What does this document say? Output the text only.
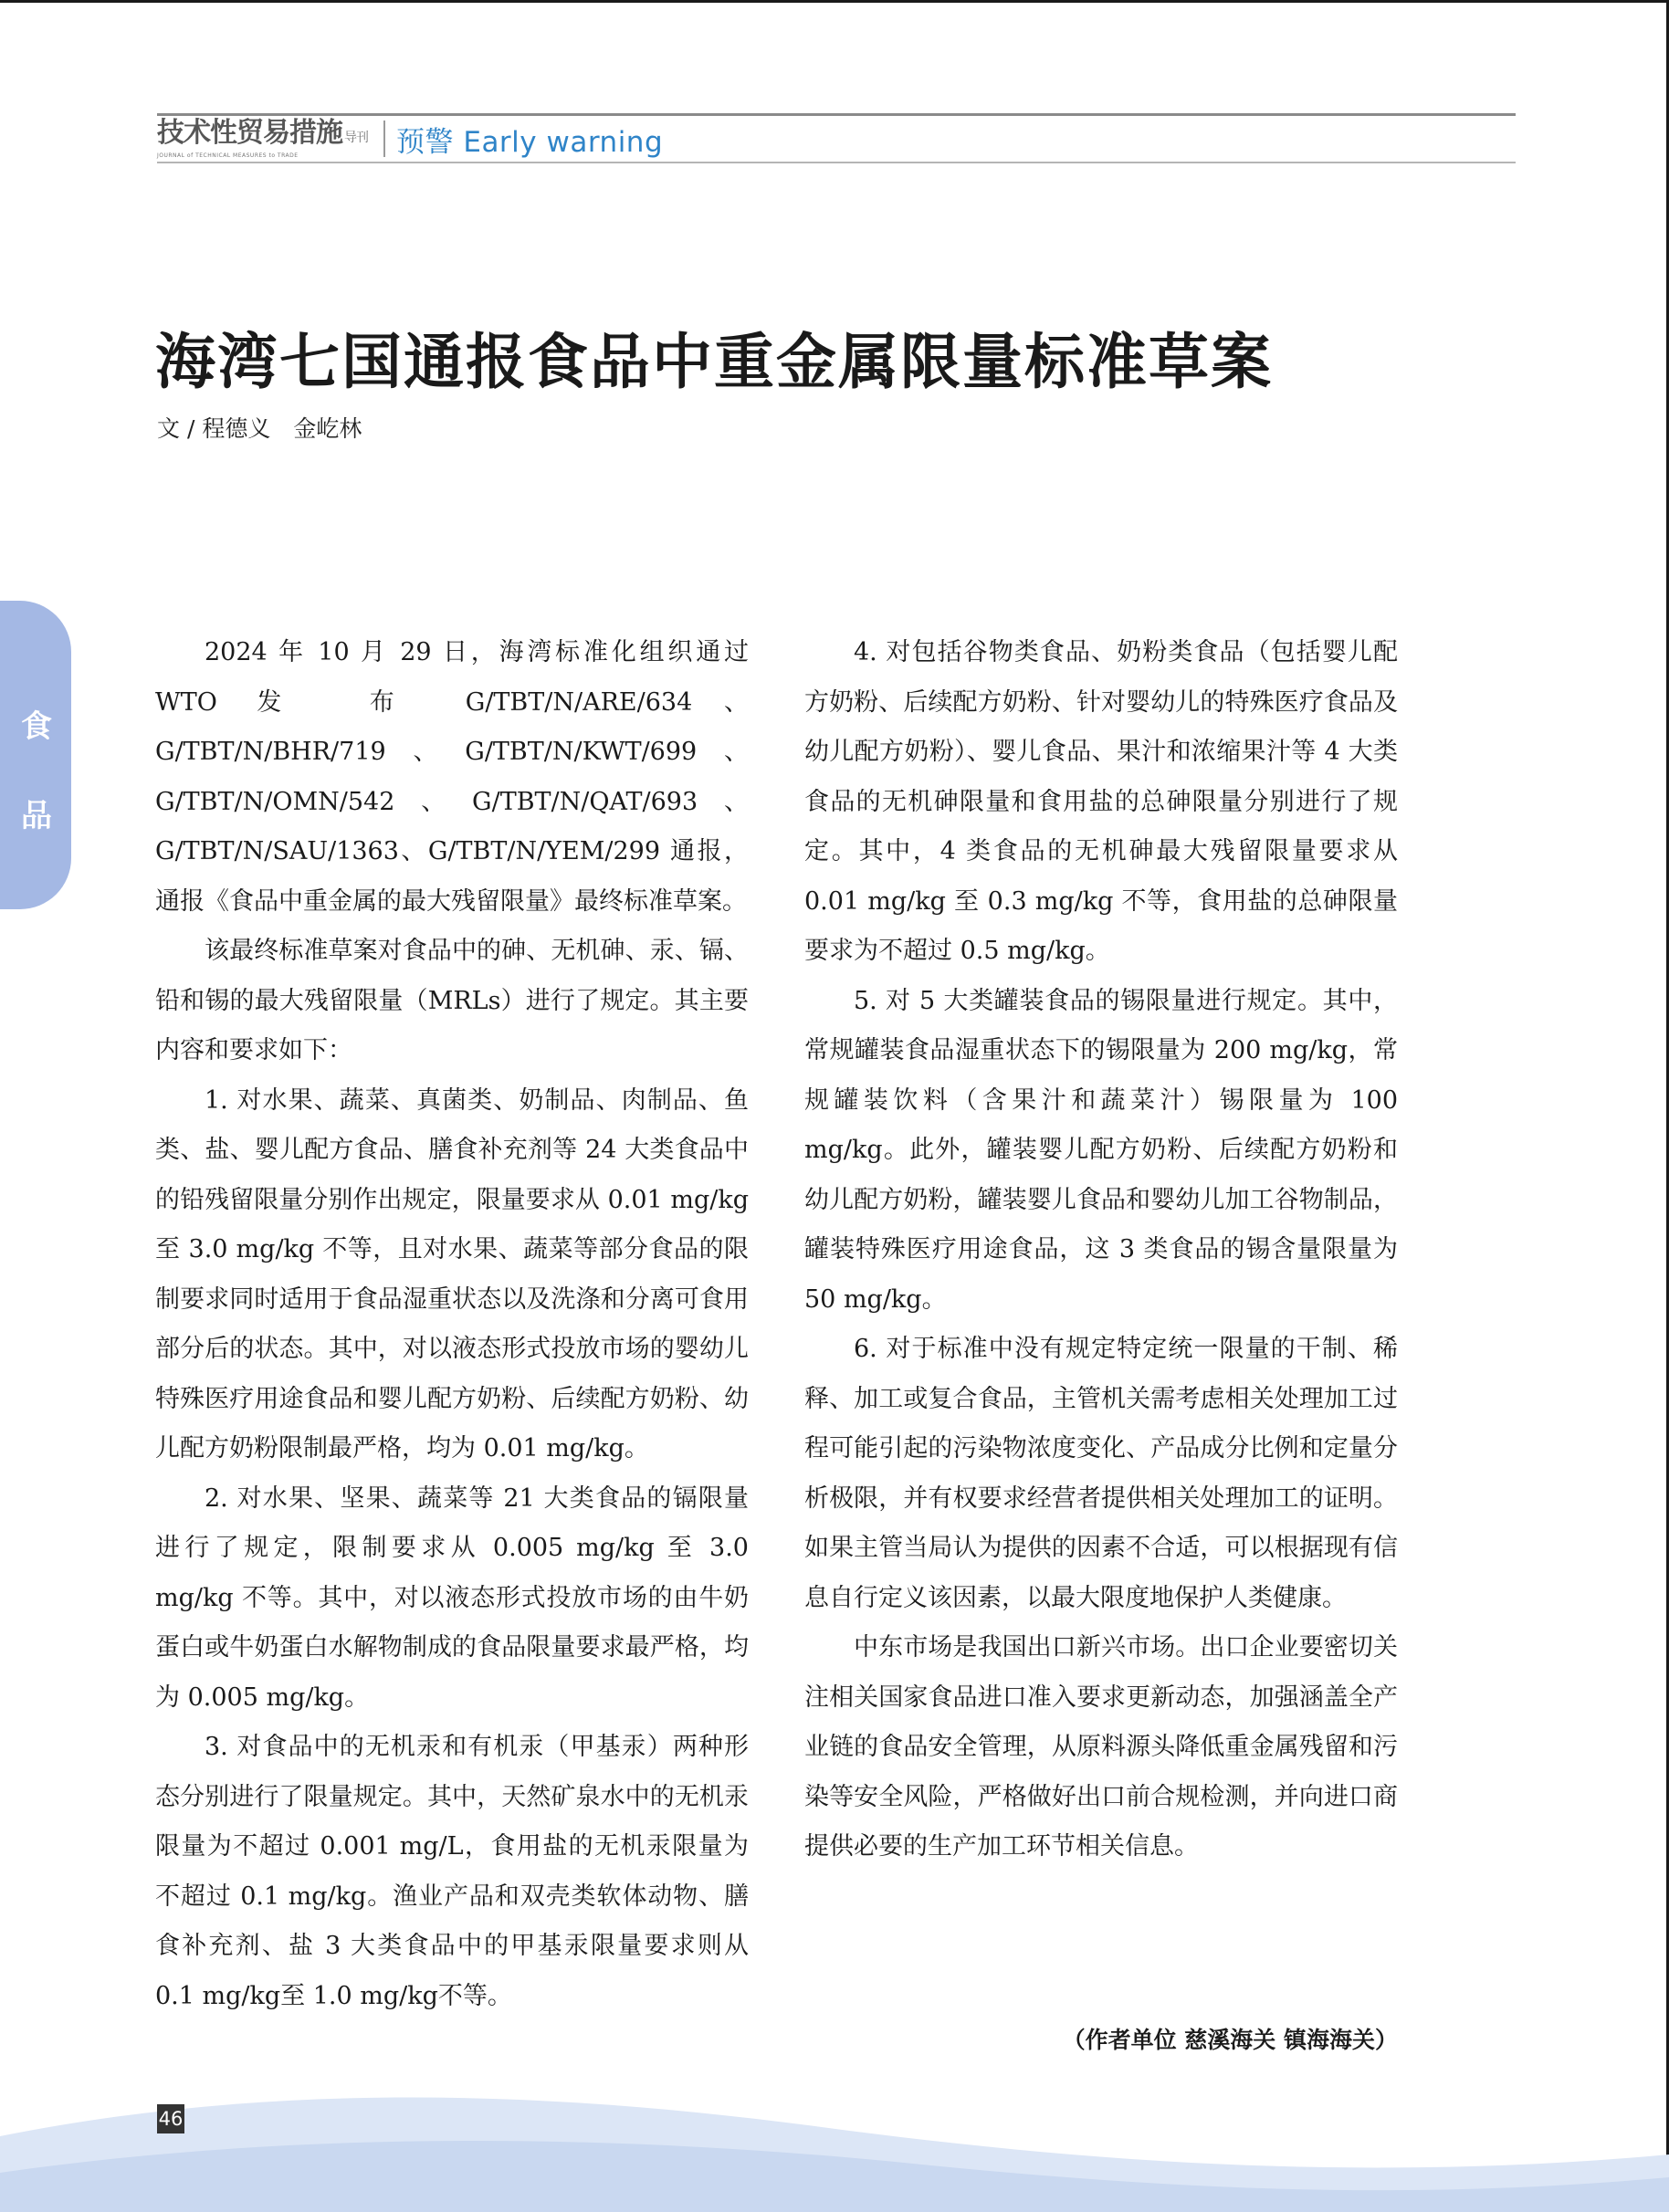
技术性贸易措施 导刊
JOURNAL of TECHNICAL MEASURES to TRADE	预警 Early warning
海湾七国通报食品中重金属限量标准草案
文 / 程德义　金屹林
食
品

2024 年 10 月 29 日，海湾标准化组织通过 WTO 发　布 G/TBT/N/ARE/634、G/TBT/N/BHR/719、G/TBT/N/KWT/699、G/TBT/N/OMN/542、G/TBT/N/QAT/693、G/TBT/N/SAU/1363、G/TBT/N/YEM/299 通报，通报《食品中重金属的最大残留限量》最终标准草案。

该最终标准草案对食品中的砷、无机砷、汞、镉、铅和锡的最大残留限量（MRLs）进行了规定。其主要内容和要求如下：

1. 对水果、蔬菜、真菌类、奶制品、肉制品、鱼类、盐、婴儿配方食品、膳食补充剂等 24 大类食品中的铅残留限量分别作出规定，限量要求从 0.01 mg/kg 至 3.0 mg/kg 不等，且对水果、蔬菜等部分食品的限制要求同时适用于食品湿重状态以及洗涤和分离可食用部分后的状态。其中，对以液态形式投放市场的婴幼儿特殊医疗用途食品和婴儿配方奶粉、后续配方奶粉、幼儿配方奶粉限制最严格，均为 0.01 mg/kg。

2. 对水果、坚果、蔬菜等 21 大类食品的镉限量进行了规定，限制要求从 0.005 mg/kg 至 3.0 mg/kg 不等。其中，对以液态形式投放市场的由牛奶蛋白或牛奶蛋白水解物制成的食品限量要求最严格，均为 0.005 mg/kg。

3. 对食品中的无机汞和有机汞（甲基汞）两种形态分别进行了限量规定。其中，天然矿泉水中的无机汞限量为不超过 0.001 mg/L，食用盐的无机汞限量为不超过 0.1 mg/kg。渔业产品和双壳类软体动物、膳食补充剂、盐 3 大类食品中的甲基汞限量要求则从 0.1 mg/kg至 1.0 mg/kg不等。

4. 对包括谷物类食品、奶粉类食品（包括婴儿配方奶粉、后续配方奶粉、针对婴幼儿的特殊医疗食品及幼儿配方奶粉）、婴儿食品、果汁和浓缩果汁等 4 大类食品的无机砷限量和食用盐的总砷限量分别进行了规定。其中，4 类食品的无机砷最大残留限量要求从 0.01 mg/kg 至 0.3 mg/kg 不等，食用盐的总砷限量要求为不超过 0.5 mg/kg。

5. 对 5 大类罐装食品的锡限量进行规定。其中，常规罐装食品湿重状态下的锡限量为 200 mg/kg，常规罐装饮料（含果汁和蔬菜汁）锡限量为 100 mg/kg。此外，罐装婴儿配方奶粉、后续配方奶粉和幼儿配方奶粉，罐装婴儿食品和婴幼儿加工谷物制品，罐装特殊医疗用途食品，这 3 类食品的锡含量限量为 50 mg/kg。

6. 对于标准中没有规定特定统一限量的干制、稀释、加工或复合食品，主管机关需考虑相关处理加工过程可能引起的污染物浓度变化、产品成分比例和定量分析极限，并有权要求经营者提供相关处理加工的证明。如果主管当局认为提供的因素不合适，可以根据现有信息自行定义该因素，以最大限度地保护人类健康。

中东市场是我国出口新兴市场。出口企业要密切关注相关国家食品进口准入要求更新动态，加强涵盖全产业链的食品安全管理，从原料源头降低重金属残留和污染等安全风险，严格做好出口前合规检测，并向进口商提供必要的生产加工环节相关信息。

（作者单位 慈溪海关 镇海海关）
46
